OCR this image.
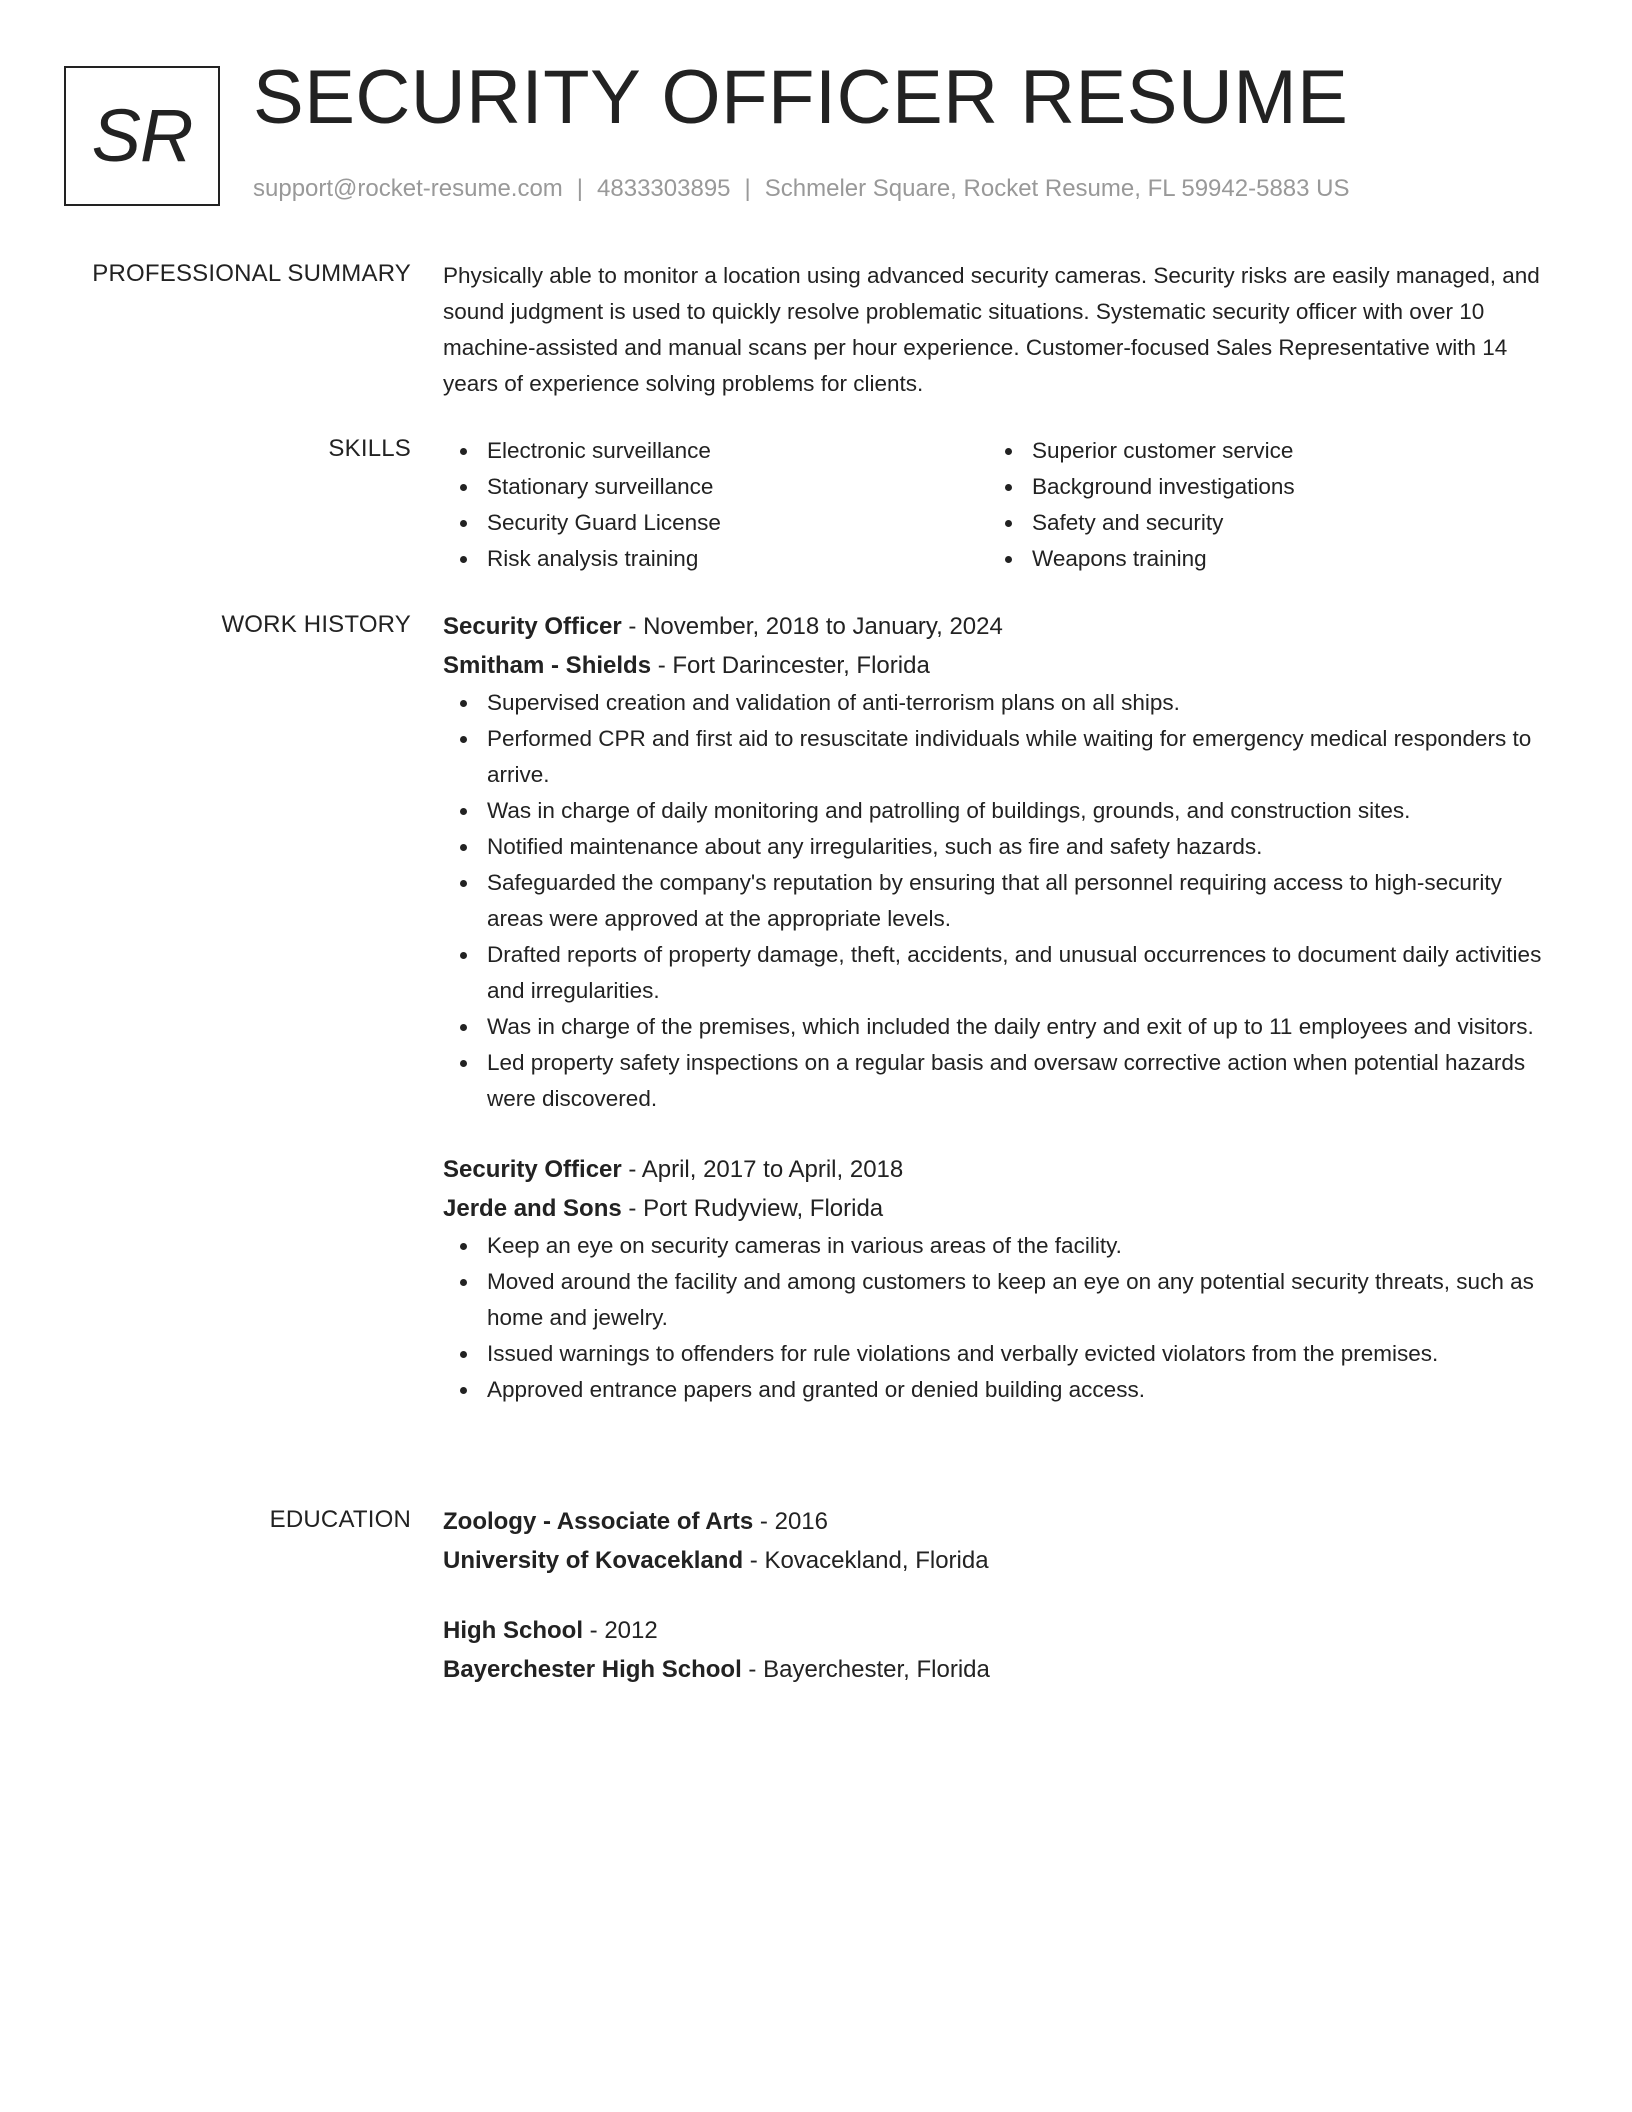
SR SECURITY OFFICER RESUME
support@rocket-resume.com | 4833303895 | Schmeler Square, Rocket Resume, FL 59942-5883 US
PROFESSIONAL SUMMARY Physically able to monitor a location using advanced security cameras. Security risks are easily managed, and sound judgment is used to quickly resolve problematic situations. Systematic security officer with over 10 machine-assisted and manual scans per hour experience. Customer-focused Sales Representative with 14 years of experience solving problems for clients.
SKILLS	Electronic surveillance
Stationary surveillance
Security Guard License
Risk analysis training
Superior customer service
Background investigations
Safety and security
Weapons training
WORK HISTORY Security Officer - November, 2018 to January, 2024
Smitham - Shields - Fort Darincester, Florida
Supervised creation and validation of anti-terrorism plans on all ships.
Performed CPR and first aid to resuscitate individuals while waiting for emergency medical responders to arrive.
Was in charge of daily monitoring and patrolling of buildings, grounds, and construction sites.
Notified maintenance about any irregularities, such as fire and safety hazards.
Safeguarded the company's reputation by ensuring that all personnel requiring access to high-security areas were approved at the appropriate levels.
Drafted reports of property damage, theft, accidents, and unusual occurrences to document daily activities and irregularities.
Was in charge of the premises, which included the daily entry and exit of up to 11 employees and visitors.
Led property safety inspections on a regular basis and oversaw corrective action when potential hazards were discovered.
Security Officer - April, 2017 to April, 2018
Jerde and Sons - Port Rudyview, Florida
Keep an eye on security cameras in various areas of the facility.
Moved around the facility and among customers to keep an eye on any potential security threats, such as home and jewelry.
Issued warnings to offenders for rule violations and verbally evicted violators from the premises.
Approved entrance papers and granted or denied building access.
EDUCATION Zoology - Associate of Arts - 2016
University of Kovacekland - Kovacekland, Florida
High School - 2012
Bayerchester High School - Bayerchester, Florida
